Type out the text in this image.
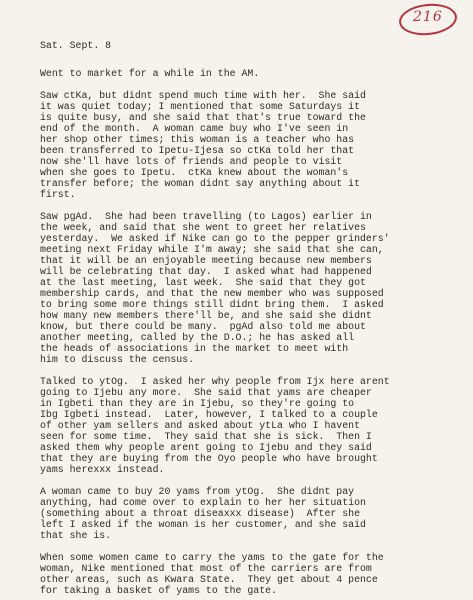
216
Sat. Sept. 8
Went to market for a while in the AM.
Saw ctKa, but didnt spend much time with her.  She said
it was quiet today; I mentioned that some Saturdays it
is quite busy, and she said that that's true toward the
end of the month.  A woman came buy who I've seen in
her shop other times; this woman is a teacher who has
been transferred to Ipetu-Ijesa so ctKa told her that
now she'll have lots of friends and people to visit
when she goes to Ipetu.  ctKa knew about the woman's
transfer before; the woman didnt say anything about it
first.
Saw pgAd.  She had been travelling (to Lagos) earlier in
the week, and said that she went to greet her relatives
yesterday.  We asked if Nike can go to the pepper grinders'
meeting next Friday while I'm away; she said that she can,
that it will be an enjoyable meeting because new members
will be celebrating that day.  I asked what had happened
at the last meeting, last week.  She said that they got
membership cards, and that the new member who was supposed
to bring some more things still didnt bring them.  I asked
how many new members there'll be, and she said she didnt
know, but there could be many.  pgAd also told me about
another meeting, called by the D.O.; he has asked all
the heads of associations in the market to meet with
him to discuss the census.
Talked to ytOg.  I asked her why people from Ijx here arent
going to Ijebu any more.  She said that yams are cheaper
in Igbeti than they are in Ijebu, so they're going to
Ibg Igbeti instead.  Later, however, I talked to a couple
of other yam sellers and asked about ytLa who I havent
seen for some time.  They said that she is sick.  Then I
asked them why people arent going to Ijebu and they said
that they are buying from the Oyo people who have brought
yams herexxx instead.
A woman came to buy 20 yams from ytOg.  She didnt pay
anything, had come over to explain to her her situation
(something about a throat diseaxxx disease)  After she
left I asked if the woman is her customer, and she said
that she is.
When some women came to carry the yams to the gate for the
woman, Nike mentioned that most of the carriers are from
other areas, such as Kwara State.  They get about 4 pence
for taking a basket of yams to the gate.
